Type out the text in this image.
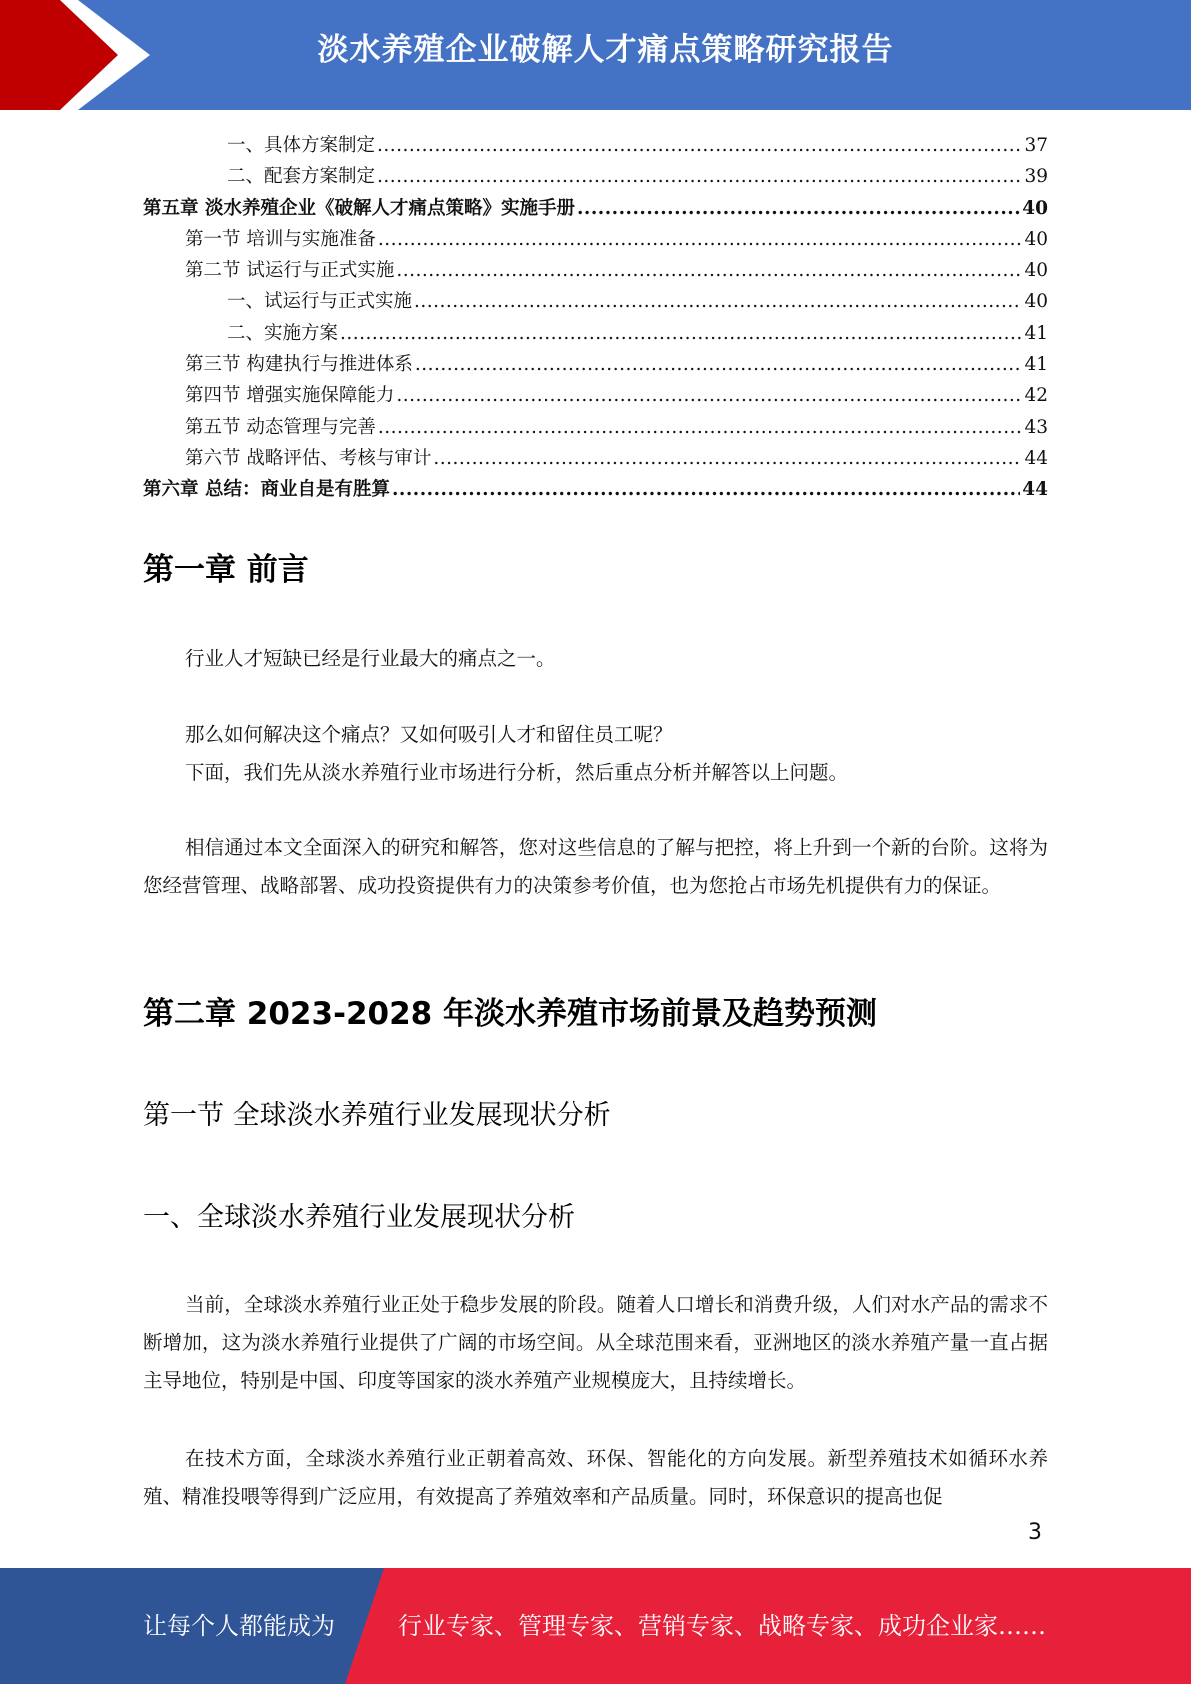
淡水养殖企业破解人才痛点策略研究报告
一、具体方案制定 .....	37
二、配套方案制定 .....	39
第五章 淡水养殖企业《破解人才痛点策略》实施手册 .....	40
第一节 培训与实施准备 .....	40
第二节 试运行与正式实施 .....	40
一、试运行与正式实施 .....	40
二、实施方案 .....	41
第三节 构建执行与推进体系 .....	41
第四节 增强实施保障能力 .....	42
第五节 动态管理与完善 .....	43
第六节 战略评估、考核与审计 .....	44
第六章 总结：商业自是有胜算 .....	44
第一章 前言

行业人才短缺已经是行业最大的痛点之一。

那么如何解决这个痛点？又如何吸引人才和留住员工呢？

下面，我们先从淡水养殖行业市场进行分析，然后重点分析并解答以上问题。

相信通过本文全面深入的研究和解答，您对这些信息的了解与把控，将上升到一个新的台阶。这将为您经营管理、战略部署、成功投资提供有力的决策参考价值，也为您抢占市场先机提供有力的保证。

第二章 2023-2028 年淡水养殖市场前景及趋势预测
第一节 全球淡水养殖行业发展现状分析
一、全球淡水养殖行业发展现状分析

当前，全球淡水养殖行业正处于稳步发展的阶段。随着人口增长和消费升级，人们对水产品的需求不断增加，这为淡水养殖行业提供了广阔的市场空间。从全球范围来看，亚洲地区的淡水养殖产量一直占据主导地位，特别是中国、印度等国家的淡水养殖产业规模庞大，且持续增长。

在技术方面，全球淡水养殖行业正朝着高效、环保、智能化的方向发展。新型养殖技术如循环水养殖、精准投喂等得到广泛应用，有效提高了养殖效率和产品质量。同时，环保意识的提高也促

3
让每个人都能成为	行业专家、管理专家、营销专家、战略专家、成功企业家……
